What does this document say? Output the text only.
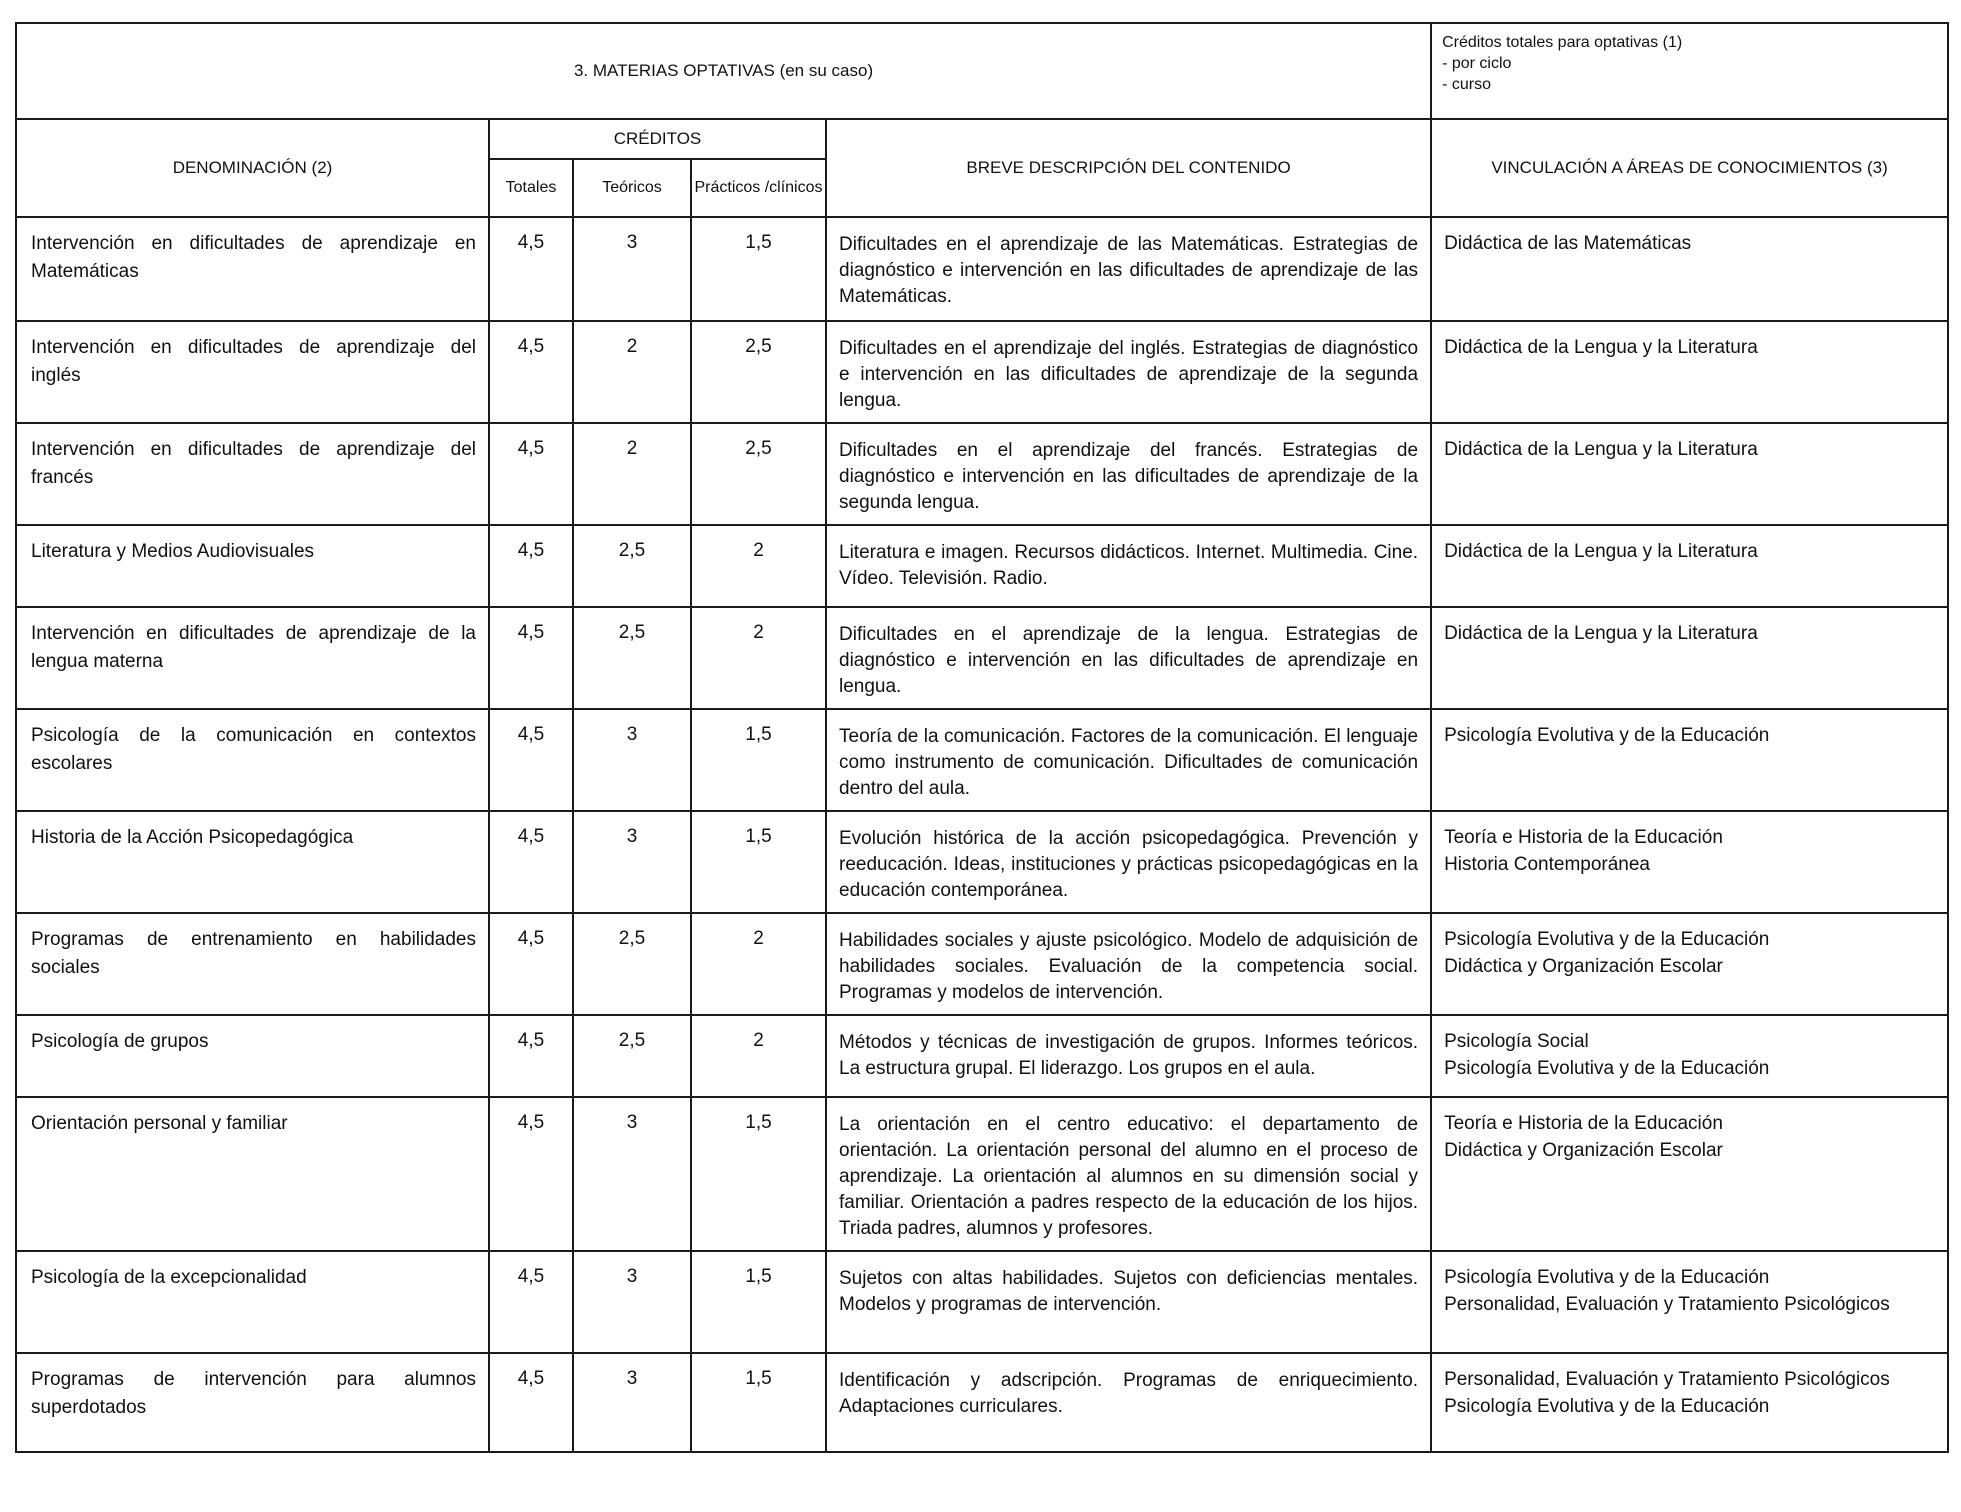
3. MATERIAS OPTATIVAS (en su caso)					Créditos totales para optativas (1)
- por ciclo
- curso

DENOMINACIÓN (2)	CRÉDITOS			BREVE DESCRIPCIÓN DEL CONTENIDO	VINCULACIÓN A ÁREAS DE CONOCIMIENTOS (3)
	Totales	Teóricos	Prácticos /clínicos		
Intervención en dificultades de aprendizaje en Matemáticas	4,5	3	1,5	Dificultades en el aprendizaje de las Matemáticas. Estrategias de diagnóstico e intervención en las dificultades de aprendizaje de las Matemáticas.	Didáctica de las Matemáticas

Intervención en dificultades de aprendizaje del inglés	4,5	2	2,5	Dificultades en el aprendizaje del inglés. Estrategias de diagnóstico e intervención en las dificultades de aprendizaje de la segunda lengua.	Didáctica de la Lengua y la Literatura

Intervención en dificultades de aprendizaje del francés	4,5	2	2,5	Dificultades en el aprendizaje del francés. Estrategias de diagnóstico e intervención en las dificultades de aprendizaje de la segunda lengua.	Didáctica de la Lengua y la Literatura

Literatura y Medios Audiovisuales	4,5	2,5	2	Literatura e imagen. Recursos didácticos. Internet. Multimedia. Cine. Vídeo. Televisión. Radio.	Didáctica de la Lengua y la Literatura

Intervención en dificultades de aprendizaje de la lengua materna	4,5	2,5	2	Dificultades en el aprendizaje de la lengua. Estrategias de diagnóstico e intervención en las dificultades de aprendizaje en lengua.	Didáctica de la Lengua y la Literatura

Psicología de la comunicación en contextos escolares	4,5	3	1,5	Teoría de la comunicación. Factores de la comunicación. El lenguaje como instrumento de comunicación. Dificultades de comunicación dentro del aula.	Psicología Evolutiva y de la Educación

Historia de la Acción Psicopedagógica	4,5	3	1,5	Evolución histórica de la acción psicopedagógica. Prevención y reeducación. Ideas, instituciones y prácticas psicopedagógicas en la educación contemporánea.	Teoría e Historia de la Educación
Historia Contemporánea

Programas de entrenamiento en habilidades sociales	4,5	2,5	2	Habilidades sociales y ajuste psicológico. Modelo de adquisición de habilidades sociales. Evaluación de la competencia social. Programas y modelos de intervención.	Psicología Evolutiva y de la Educación
Didáctica y Organización Escolar

Psicología de grupos	4,5	2,5	2	Métodos y técnicas de investigación de grupos. Informes teóricos. La estructura grupal. El liderazgo. Los grupos en el aula.	Psicología Social
Psicología Evolutiva y de la Educación

Orientación personal y familiar	4,5	3	1,5	La orientación en el centro educativo: el departamento de orientación. La orientación personal del alumno en el proceso de aprendizaje. La orientación al alumnos en su dimensión social y familiar. Orientación a padres respecto de la educación de los hijos. Triada padres, alumnos y profesores.	Teoría e Historia de la Educación
Didáctica y Organización Escolar

Psicología de la excepcionalidad	4,5	3	1,5	Sujetos con altas habilidades. Sujetos con deficiencias mentales. Modelos y programas de intervención.	Psicología Evolutiva y de la Educación
Personalidad, Evaluación y Tratamiento Psicológicos

Programas de intervención para alumnos superdotados	4,5	3	1,5	Identificación y adscripción. Programas de enriquecimiento. Adaptaciones curriculares.	Personalidad, Evaluación y Tratamiento Psicológicos
Psicología Evolutiva y de la Educación
